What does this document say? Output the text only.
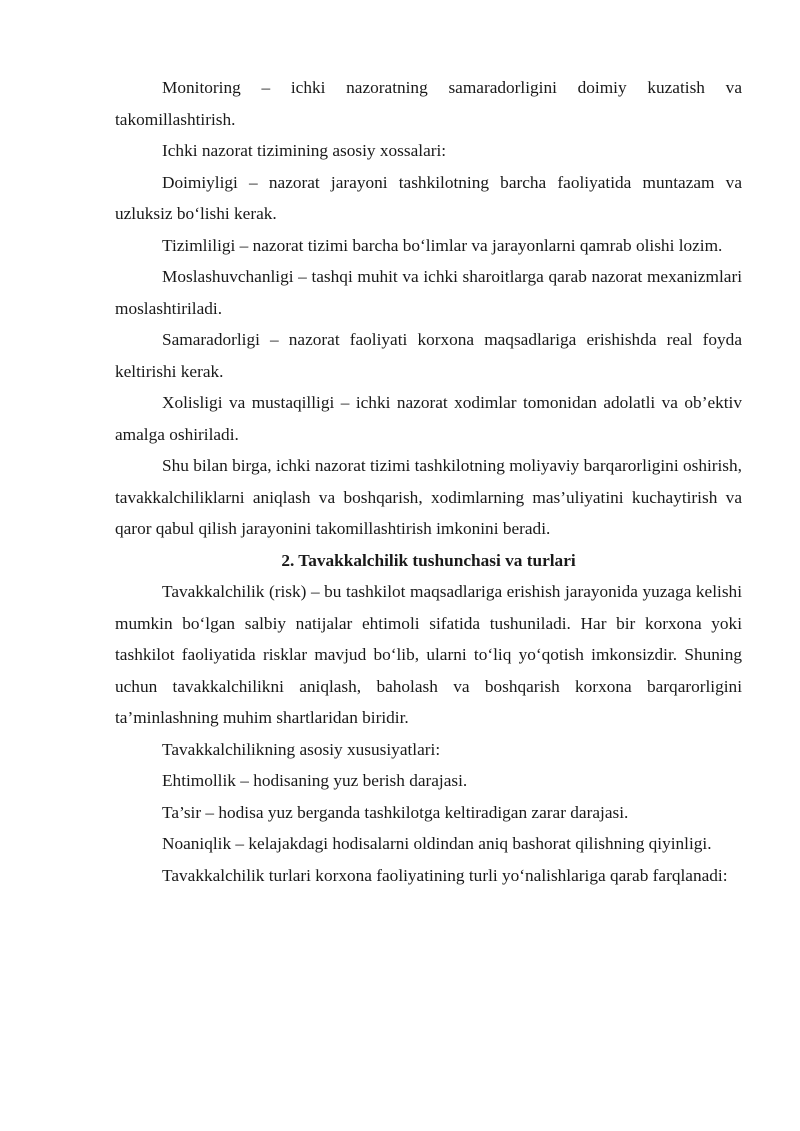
Monitoring – ichki nazoratning samaradorligini doimiy kuzatish va takomillashtirish.

Ichki nazorat tizimining asosiy xossalari:

Doimiyligi – nazorat jarayoni tashkilotning barcha faoliyatida muntazam va uzluksiz bo‘lishi kerak.

Tizimliligi – nazorat tizimi barcha bo‘limlar va jarayonlarni qamrab olishi lozim.

Moslashuvchanligi – tashqi muhit va ichki sharoitlarga qarab nazorat mexanizmlari moslashtiriladi.

Samaradorligi – nazorat faoliyati korxona maqsadlariga erishishda real foyda keltirishi kerak.

Xolisligi va mustaqilligi – ichki nazorat xodimlar tomonidan adolatli va ob’ektiv amalga oshiriladi.

Shu bilan birga, ichki nazorat tizimi tashkilotning moliyaviy barqarorligini oshirish, tavakkalchiliklarni aniqlash va boshqarish, xodimlarning mas’uliyatini kuchaytirish va qaror qabul qilish jarayonini takomillashtirish imkonini beradi.

2. Tavakkalchilik tushunchasi va turlari

Tavakkalchilik (risk) – bu tashkilot maqsadlariga erishish jarayonida yuzaga kelishi mumkin bo‘lgan salbiy natijalar ehtimoli sifatida tushuniladi. Har bir korxona yoki tashkilot faoliyatida risklar mavjud bo‘lib, ularni to‘liq yo‘qotish imkonsizdir. Shuning uchun tavakkalchilikni aniqlash, baholash va boshqarish korxona barqarorligini ta’minlashning muhim shartlaridan biridir.

Tavakkalchilikning asosiy xususiyatlari:

Ehtimollik – hodisaning yuz berish darajasi.

Ta’sir – hodisa yuz berganda tashkilotga keltiradigan zarar darajasi.

Noaniqlik – kelajakdagi hodisalarni oldindan aniq bashorat qilishning qiyinligi.

Tavakkalchilik turlari korxona faoliyatining turli yo‘nalishlariga qarab farqlanadi:
